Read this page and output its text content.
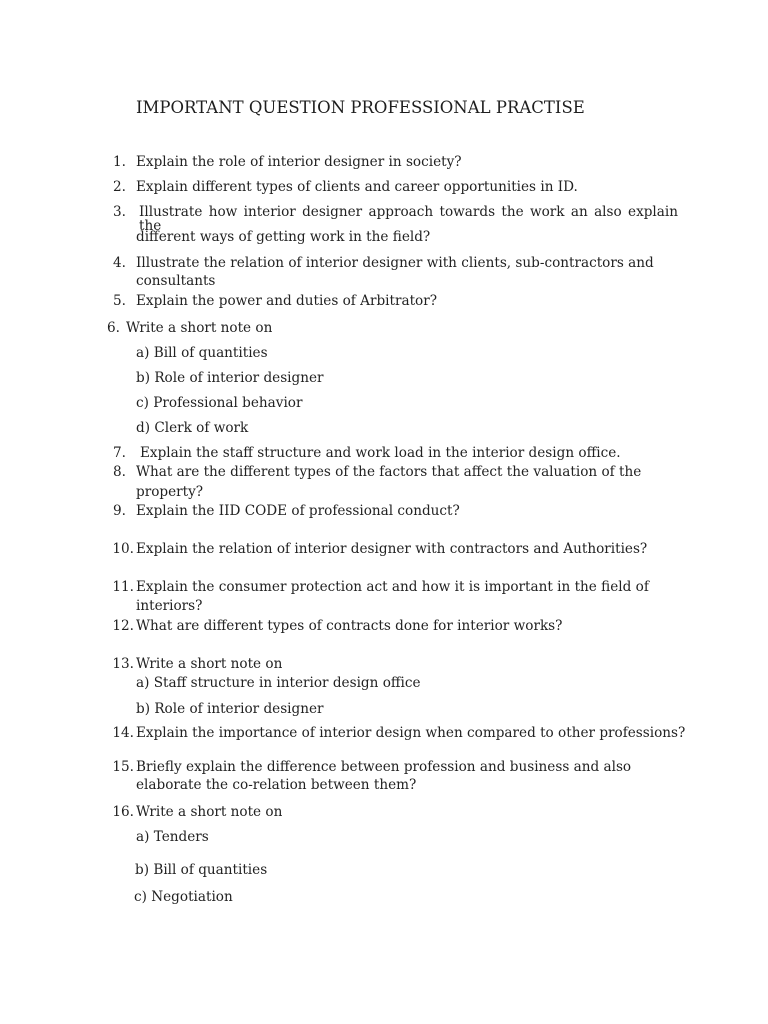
IMPORTANT QUESTION PROFESSIONAL PRACTISE
1. Explain the role of interior designer in society?
2. Explain different types of clients and career opportunities in ID.
3. Illustrate how interior designer approach towards the work an also explain the
different ways of getting work in the field?
4. Illustrate the relation of interior designer with clients, sub-contractors and
consultants
5. Explain the power and duties of Arbitrator?
6. Write a short note on
a) Bill of quantities
b) Role of interior designer
c) Professional behavior
d) Clerk of work
7. Explain the staff structure and work load in the interior design office.
8. What are the different types of the factors that affect the valuation of the
property?
9. Explain the IID CODE of professional conduct?
10. Explain the relation of interior designer with contractors and Authorities?
11. Explain the consumer protection act and how it is important in the field of
interiors?
12. What are different types of contracts done for interior works?
13. Write a short note on
a) Staff structure in interior design office
b) Role of interior designer
14. Explain the importance of interior design when compared to other professions?
15. Briefly explain the difference between profession and business and also
elaborate the co-relation between them?
16. Write a short note on
a) Tenders
b) Bill of quantities
c) Negotiation
